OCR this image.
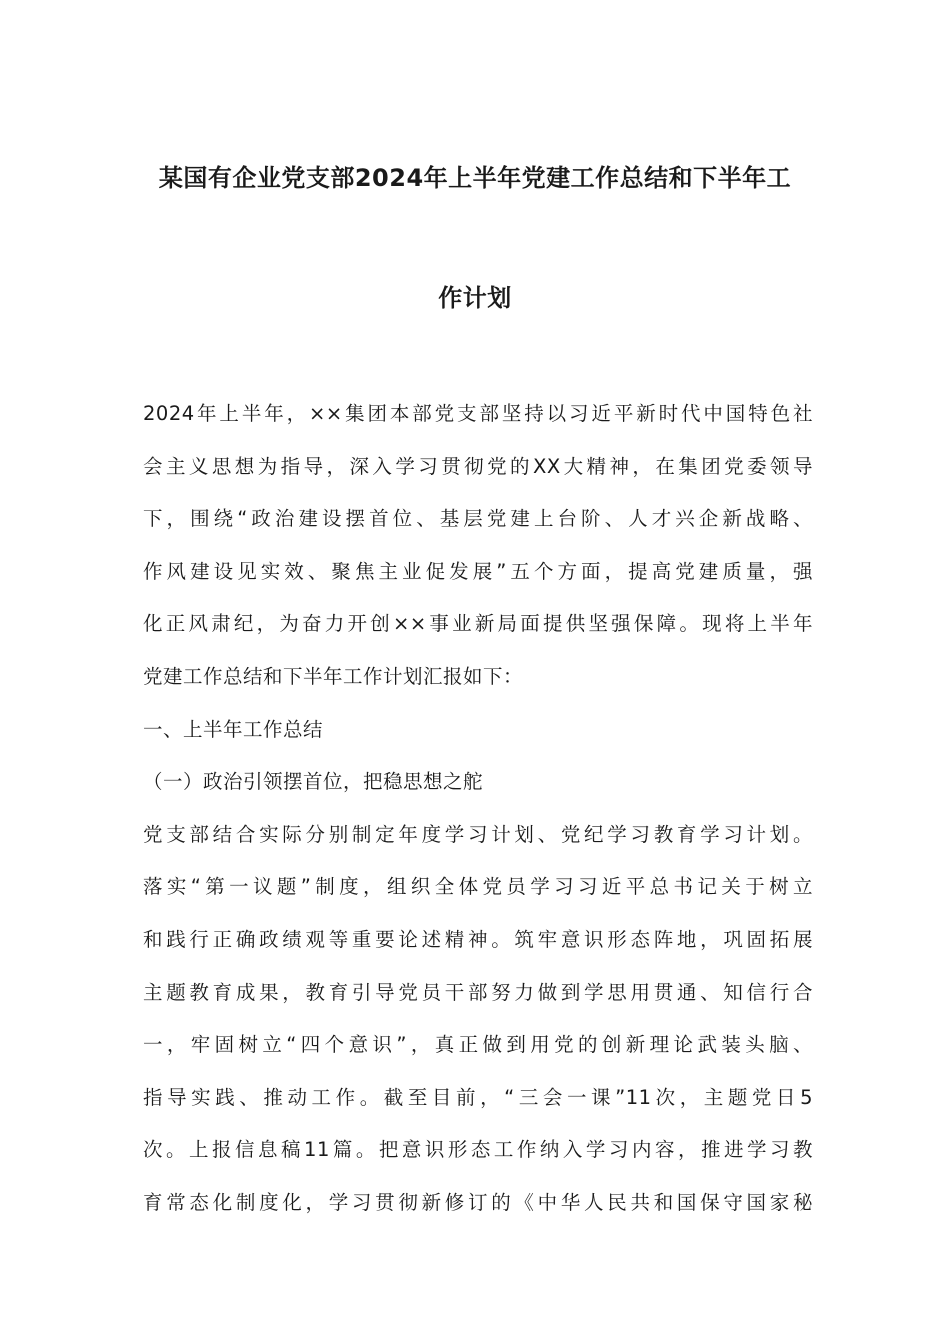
某国有企业党支部2024年上半年党建工作总结和下半年工
作计划
2024年上半年，××集团本部党支部坚持以习近平新时代中国特色社
会主义思想为指导，深入学习贯彻党的XX大精神，在集团党委领导
下，围绕“政治建设摆首位、基层党建上台阶、人才兴企新战略、
作风建设见实效、聚焦主业促发展”五个方面，提高党建质量，强
化正风肃纪，为奋力开创××事业新局面提供坚强保障。现将上半年
党建工作总结和下半年工作计划汇报如下：
一、上半年工作总结
（一）政治引领摆首位，把稳思想之舵
党支部结合实际分别制定年度学习计划、党纪学习教育学习计划。
落实“第一议题”制度，组织全体党员学习习近平总书记关于树立
和践行正确政绩观等重要论述精神。筑牢意识形态阵地，巩固拓展
主题教育成果，教育引导党员干部努力做到学思用贯通、知信行合
一，牢固树立“四个意识”，真正做到用党的创新理论武装头脑、
指导实践、推动工作。截至目前，“三会一课”11次，主题党日5
次。上报信息稿11篇。把意识形态工作纳入学习内容，推进学习教
育常态化制度化，学习贯彻新修订的《中华人民共和国保守国家秘
